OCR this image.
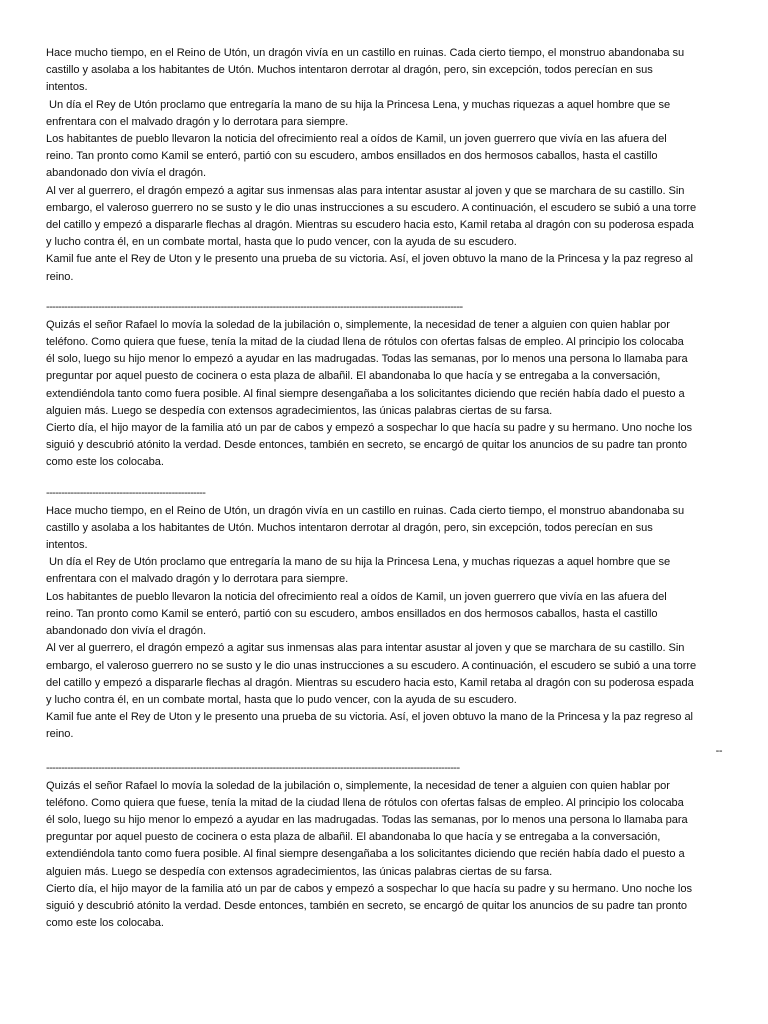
Hace mucho tiempo, en el Reino de Utón, un dragón vivía en un castillo en ruinas. Cada cierto tiempo, el monstruo abandonaba su
castillo y asolaba a los habitantes de Utón. Muchos intentaron derrotar al dragón, pero, sin excepción, todos perecían en sus
intentos.
Un día el Rey de Utón proclamo que entregaría la mano de su hija la Princesa Lena, y muchas riquezas a aquel hombre que se
enfrentara con el malvado dragón y lo derrotara para siempre.
Los habitantes de pueblo llevaron la noticia del ofrecimiento real a oídos de Kamil, un joven guerrero que vivía en las afuera del
reino. Tan pronto como Kamil se enteró, partió con su escudero, ambos ensillados en dos hermosos caballos, hasta el castillo
abandonado don vivía el dragón.
Al ver al guerrero, el dragón empezó a agitar sus inmensas alas para intentar asustar al joven y que se marchara de su castillo. Sin
embargo, el valeroso guerrero no se susto y le dio unas instrucciones a su escudero. A continuación, el escudero se subió a una torre
del catillo y empezó a dispararle flechas al dragón. Mientras su escudero hacia esto, Kamil retaba al dragón con su poderosa espada
y lucho contra él, en un combate mortal, hasta que lo pudo vencer, con la ayuda de su escudero.
Kamil fue ante el Rey de Uton y le presento una prueba de su victoria. Así, el joven obtuvo la mano de la Princesa y la paz regreso al
reino.
----------------------------------------------------------------------------------------------------------------------------------------
Quizás el señor Rafael lo movía la soledad de la jubilación o, simplemente, la necesidad de tener a alguien con quien hablar por
teléfono. Como quiera que fuese, tenía la mitad de la ciudad llena de rótulos con ofertas falsas de empleo. Al principio los colocaba
él solo, luego su hijo menor lo empezó a ayudar en las madrugadas. Todas las semanas, por lo menos una persona lo llamaba para
preguntar por aquel puesto de cocinera o esta plaza de albañil. El abandonaba lo que hacía y se entregaba a la conversación,
extendiéndola tanto como fuera posible. Al final siempre desengañaba a los solicitantes diciendo que recién había dado el puesto a
alguien más. Luego se despedía con extensos agradecimientos, las únicas palabras ciertas de su farsa.
Cierto día, el hijo mayor de la familia ató un par de cabos y empezó a sospechar lo que hacía su padre y su hermano. Uno noche los
siguió y descubrió atónito la verdad. Desde entonces, también en secreto, se encargó de quitar los anuncios de su padre tan pronto
como este los colocaba.
----------------------------------------------------
Hace mucho tiempo, en el Reino de Utón, un dragón vivía en un castillo en ruinas. Cada cierto tiempo, el monstruo abandonaba su
castillo y asolaba a los habitantes de Utón. Muchos intentaron derrotar al dragón, pero, sin excepción, todos perecían en sus
intentos.
Un día el Rey de Utón proclamo que entregaría la mano de su hija la Princesa Lena, y muchas riquezas a aquel hombre que se
enfrentara con el malvado dragón y lo derrotara para siempre.
Los habitantes de pueblo llevaron la noticia del ofrecimiento real a oídos de Kamil, un joven guerrero que vivía en las afuera del
reino. Tan pronto como Kamil se enteró, partió con su escudero, ambos ensillados en dos hermosos caballos, hasta el castillo
abandonado don vivía el dragón.
Al ver al guerrero, el dragón empezó a agitar sus inmensas alas para intentar asustar al joven y que se marchara de su castillo. Sin
embargo, el valeroso guerrero no se susto y le dio unas instrucciones a su escudero. A continuación, el escudero se subió a una torre
del catillo y empezó a dispararle flechas al dragón. Mientras su escudero hacia esto, Kamil retaba al dragón con su poderosa espada
y lucho contra él, en un combate mortal, hasta que lo pudo vencer, con la ayuda de su escudero.
Kamil fue ante el Rey de Uton y le presento una prueba de su victoria. Así, el joven obtuvo la mano de la Princesa y la paz regreso al
reino.
--
---------------------------------------------------------------------------------------------------------------------------------------
Quizás el señor Rafael lo movía la soledad de la jubilación o, simplemente, la necesidad de tener a alguien con quien hablar por
teléfono. Como quiera que fuese, tenía la mitad de la ciudad llena de rótulos con ofertas falsas de empleo. Al principio los colocaba
él solo, luego su hijo menor lo empezó a ayudar en las madrugadas. Todas las semanas, por lo menos una persona lo llamaba para
preguntar por aquel puesto de cocinera o esta plaza de albañil. El abandonaba lo que hacía y se entregaba a la conversación,
extendiéndola tanto como fuera posible. Al final siempre desengañaba a los solicitantes diciendo que recién había dado el puesto a
alguien más. Luego se despedía con extensos agradecimientos, las únicas palabras ciertas de su farsa.
Cierto día, el hijo mayor de la familia ató un par de cabos y empezó a sospechar lo que hacía su padre y su hermano. Uno noche los
siguió y descubrió atónito la verdad. Desde entonces, también en secreto, se encargó de quitar los anuncios de su padre tan pronto
como este los colocaba.
